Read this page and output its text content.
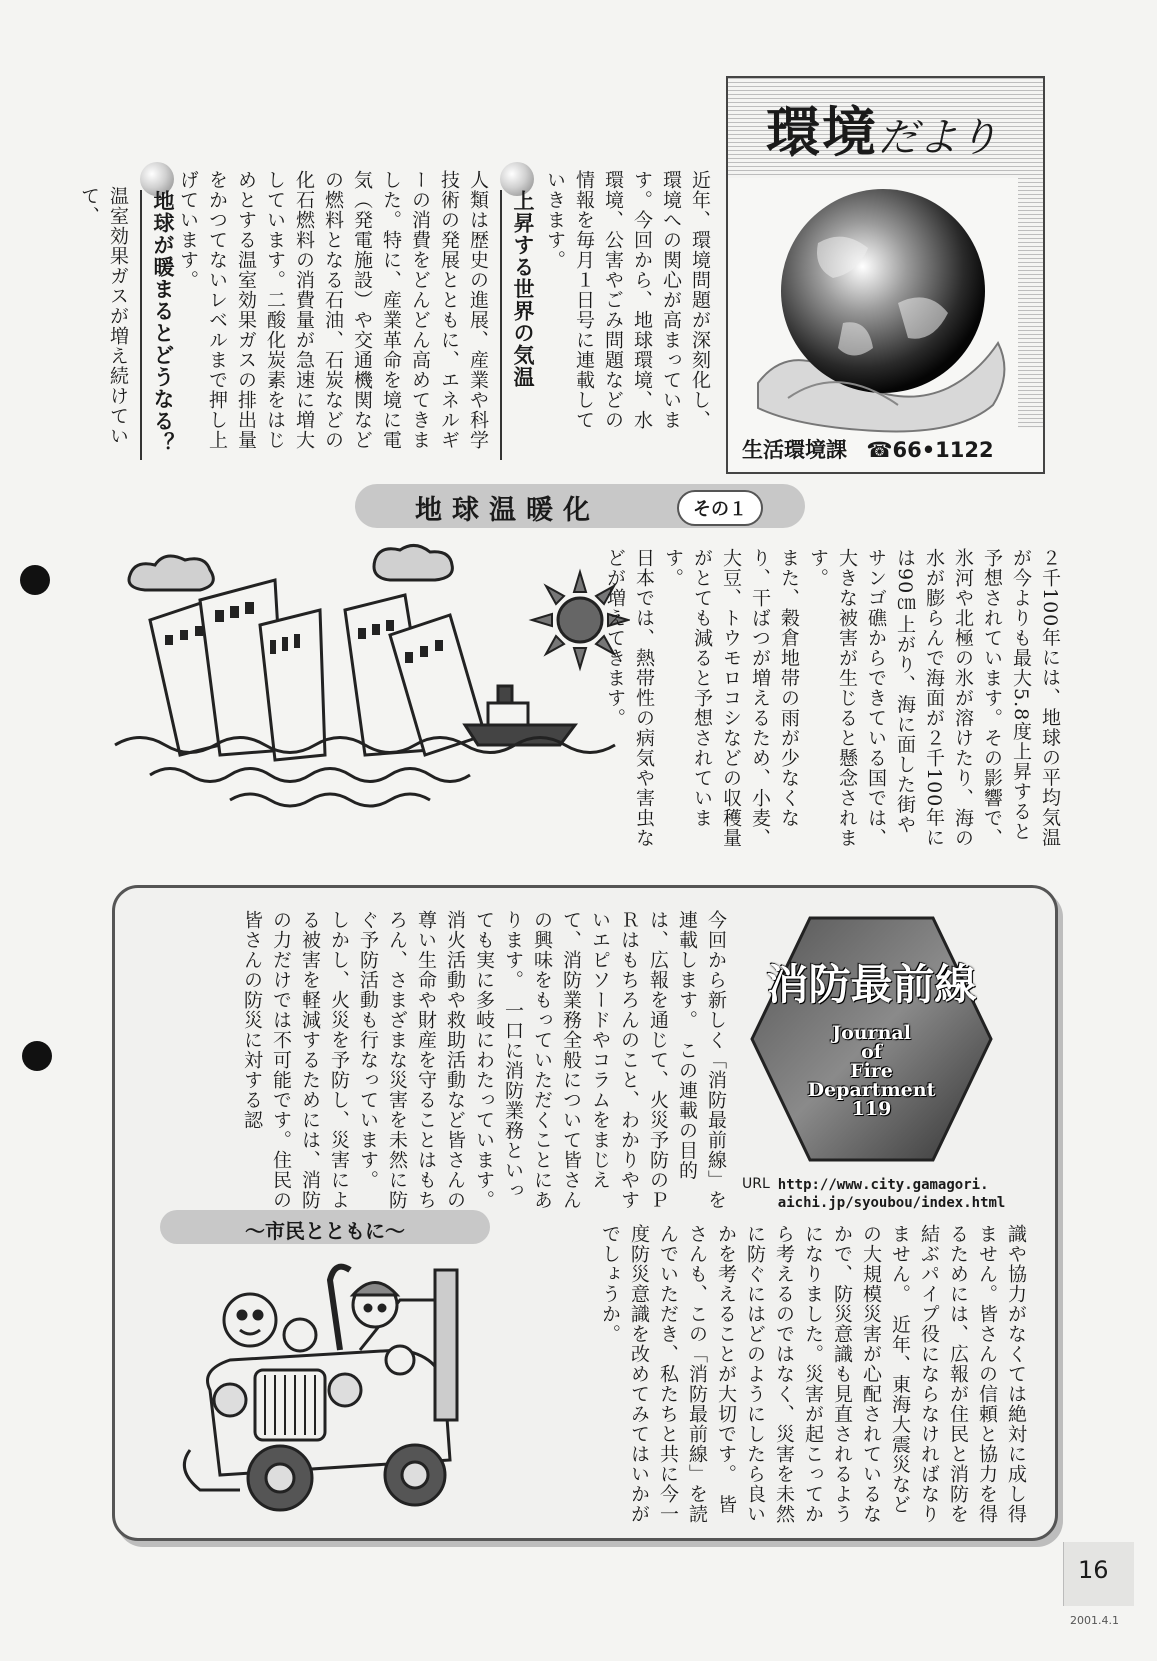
環境だより
生活環境課 ☎66•1122
近年、環境問題が深刻化し、環境への関心が高まっています。今回から、地球環境、水環境、公害やごみ問題などの情報を毎月１日号に連載していきます。
上昇する世界の気温
人類は歴史の進展、産業や科学技術の発展とともに、エネルギーの消費をどんどん高めてきました。特に、産業革命を境に電気（発電施設）や交通機関などの燃料となる石油、石炭などの化石燃料の消費量が急速に増大しています。二酸化炭素をはじめとする温室効果ガスの排出量をかつてないレベルまで押し上げています。
地球が暖まるとどうなる？
温室効果ガスが増え続けていて、
地球温暖化	その１
２千100年には、地球の平均気温が今よりも最大5.8度上昇すると予想されています。その影響で、氷河や北極の氷が溶けたり、海の水が膨らんで海面が２千100年には90㎝上がり、海に面した街やサンゴ礁からできている国では、大きな被害が生じると懸念されます。
また、穀倉地帯の雨が少なくなり、干ばつが増えるため、小麦、大豆、トウモロコシなどの収穫量がとても減ると予想されています。
日本では、熱帯性の病気や害虫などが増えてきます。
消防最前線
Journal
of
Fire
Department
119
URL http://www.city.gamagori.
aichi.jp/syoubou/index.html
今回から新しく「消防最前線」を連載します。　この連載の目的は、広報を通じて、火災予防のＰＲはもちろんのこと、わかりやすいエピソードやコラムをまじえて、消防業務全般について皆さんの興味をもっていただくことにあります。　一口に消防業務といっても実に多岐にわたっています。消火活動や救助活動など皆さんの尊い生命や財産を守ることはもちろん、さまざまな災害を未然に防ぐ予防活動も行なっています。　しかし、火災を予防し、災害による被害を軽減するためには、消防の力だけでは不可能です。住民の皆さんの防災に対する認
識や協力がなくては絶対に成し得ません。皆さんの信頼と協力を得るためには、広報が住民と消防を結ぶパイプ役にならなければなりません。　近年、東海大震災などの大規模災害が心配されているなかで、防災意識も見直されるようになりました。災害が起こってから考えるのではなく、災害を未然に防ぐにはどのようにしたら良いかを考えることが大切です。　皆さんも、この「消防最前線」を読んでいただき、私たちと共に今一度防災意識を改めてみてはいかがでしょうか。
～市民とともに～
16
2001.4.1
